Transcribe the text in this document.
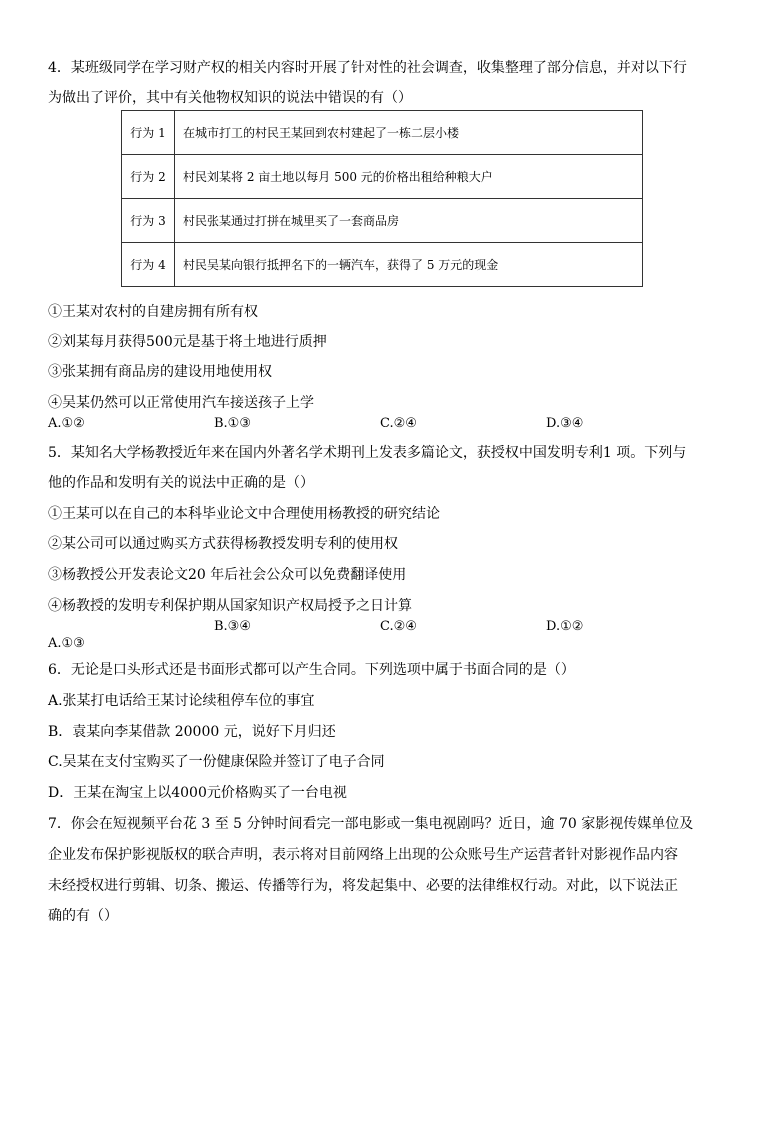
4．某班级同学在学习财产权的相关内容时开展了针对性的社会调查，收集整理了部分信息，并对以下行
为做出了评价，其中有关他物权知识的说法中错误的有（）
行为 1	在城市打工的村民王某回到农村建起了一栋二层小楼
行为 2	村民刘某将 2 亩土地以每月 500 元的价格出租给种粮大户
行为 3	村民张某通过打拼在城里买了一套商品房
行为 4	村民吴某向银行抵押名下的一辆汽车，获得了 5 万元的现金
①王某对农村的自建房拥有所有权
②刘某每月获得500元是基于将土地进行质押
③张某拥有商品房的建设用地使用权
④吴某仍然可以正常使用汽车接送孩子上学
A.①②	B.①③	C.②④	D.③④
5．某知名大学杨教授近年来在国内外著名学术期刊上发表多篇论文，获授权中国发明专利1 项。下列与
他的作品和发明有关的说法中正确的是（）
①王某可以在自己的本科毕业论文中合理使用杨教授的研究结论
②某公司可以通过购买方式获得杨教授发明专利的使用权
③杨教授公开发表论文20 年后社会公众可以免费翻译使用
④杨教授的发明专利保护期从国家知识产权局授予之日计算
B.③④	C.②④	D.①②
A.①③
6．无论是口头形式还是书面形式都可以产生合同。下列选项中属于书面合同的是（）
A.张某打电话给王某讨论续租停车位的事宜
B．袁某向李某借款 20000 元，说好下月归还
C.吴某在支付宝购买了一份健康保险并签订了电子合同
D．王某在淘宝上以4000元价格购买了一台电视
7．你会在短视频平台花 3 至 5 分钟时间看完一部电影或一集电视剧吗？近日，逾 70 家影视传媒单位及
企业发布保护影视版权的联合声明，表示将对目前网络上出现的公众账号生产运营者针对影视作品内容
未经授权进行剪辑、切条、搬运、传播等行为，将发起集中、必要的法律维权行动。对此，以下说法正
确的有（）
